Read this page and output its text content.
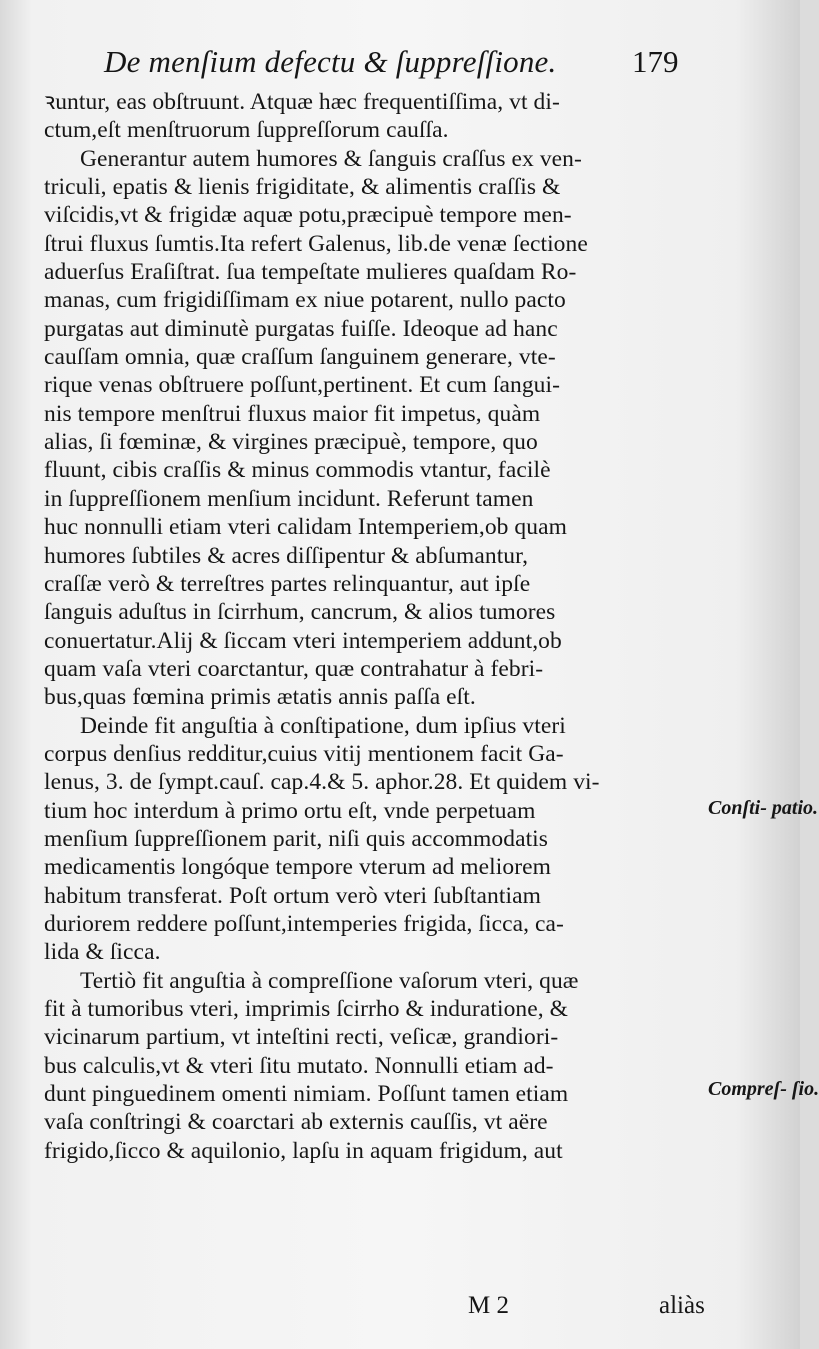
De menſium defectu & ſuppreſſione. 179
ꝛuntur, eas obſtruunt. Atquæ hæc frequentiſſima, vt di-
ctum,eſt menſtruorum ſuppreſſorum cauſſa.
Generantur autem humores & ſanguis craſſus ex ven-
triculi, epatis & lienis frigiditate, & alimentis craſſis &
viſcidis,vt & frigidæ aquæ potu,præcipuè tempore men-
ſtrui fluxus ſumtis.Ita refert Galenus, lib.de venæ ſectione
aduerſus Eraſiſtrat. ſua tempeſtate mulieres quaſdam Ro-
manas, cum frigidiſſimam ex niue potarent, nullo pacto
purgatas aut diminutè purgatas fuiſſe. Ideoque ad hanc
cauſſam omnia, quæ craſſum ſanguinem generare, vte-
rique venas obſtruere poſſunt,pertinent. Et cum ſangui-
nis tempore menſtrui fluxus maior fit impetus, quàm
alias, ſi fœminæ, & virgines præcipuè, tempore, quo
fluunt, cibis craſſis & minus commodis vtantur, facilè
in ſuppreſſionem menſium incidunt. Referunt tamen
huc nonnulli etiam vteri calidam Intemperiem,ob quam
humores ſubtiles & acres diſſipentur & abſumantur,
craſſæ verò & terreſtres partes relinquantur, aut ipſe
ſanguis aduſtus in ſcirrhum, cancrum, & alios tumores
conuertatur.Alij & ſiccam vteri intemperiem addunt,ob
quam vaſa vteri coarctantur, quæ contrahatur à febri-
bus,quas fœmina primis ætatis annis paſſa eſt.
Deinde fit anguſtia à conſtipatione, dum ipſius vteri
corpus denſius redditur,cuius vitij mentionem facit Ga-
lenus, 3. de ſympt.cauſ. cap.4.& 5. aphor.28. Et quidem vi-
tium hoc interdum à primo ortu eſt, vnde perpetuam
menſium ſuppreſſionem parit, niſi quis accommodatis
medicamentis longóque tempore vterum ad meliorem
habitum transferat. Poſt ortum verò vteri ſubſtantiam
duriorem reddere poſſunt,intemperies frigida, ſicca, ca-
lida & ſicca.
Tertiò fit anguſtia à compreſſione vaſorum vteri, quæ
fit à tumoribus vteri, imprimis ſcirrho & induratione, &
vicinarum partium, vt inteſtini recti, veſicæ, grandiori-
bus calculis,vt & vteri ſitu mutato. Nonnulli etiam ad-
dunt pinguedinem omenti nimiam. Poſſunt tamen etiam
vaſa conſtringi & coarctari ab externis cauſſis, vt aëre
frigido,ſicco & aquilonio, lapſu in aquam frigidum, aut
Conſti- patio.
Compreſ- ſio.
M 2	aliàs
